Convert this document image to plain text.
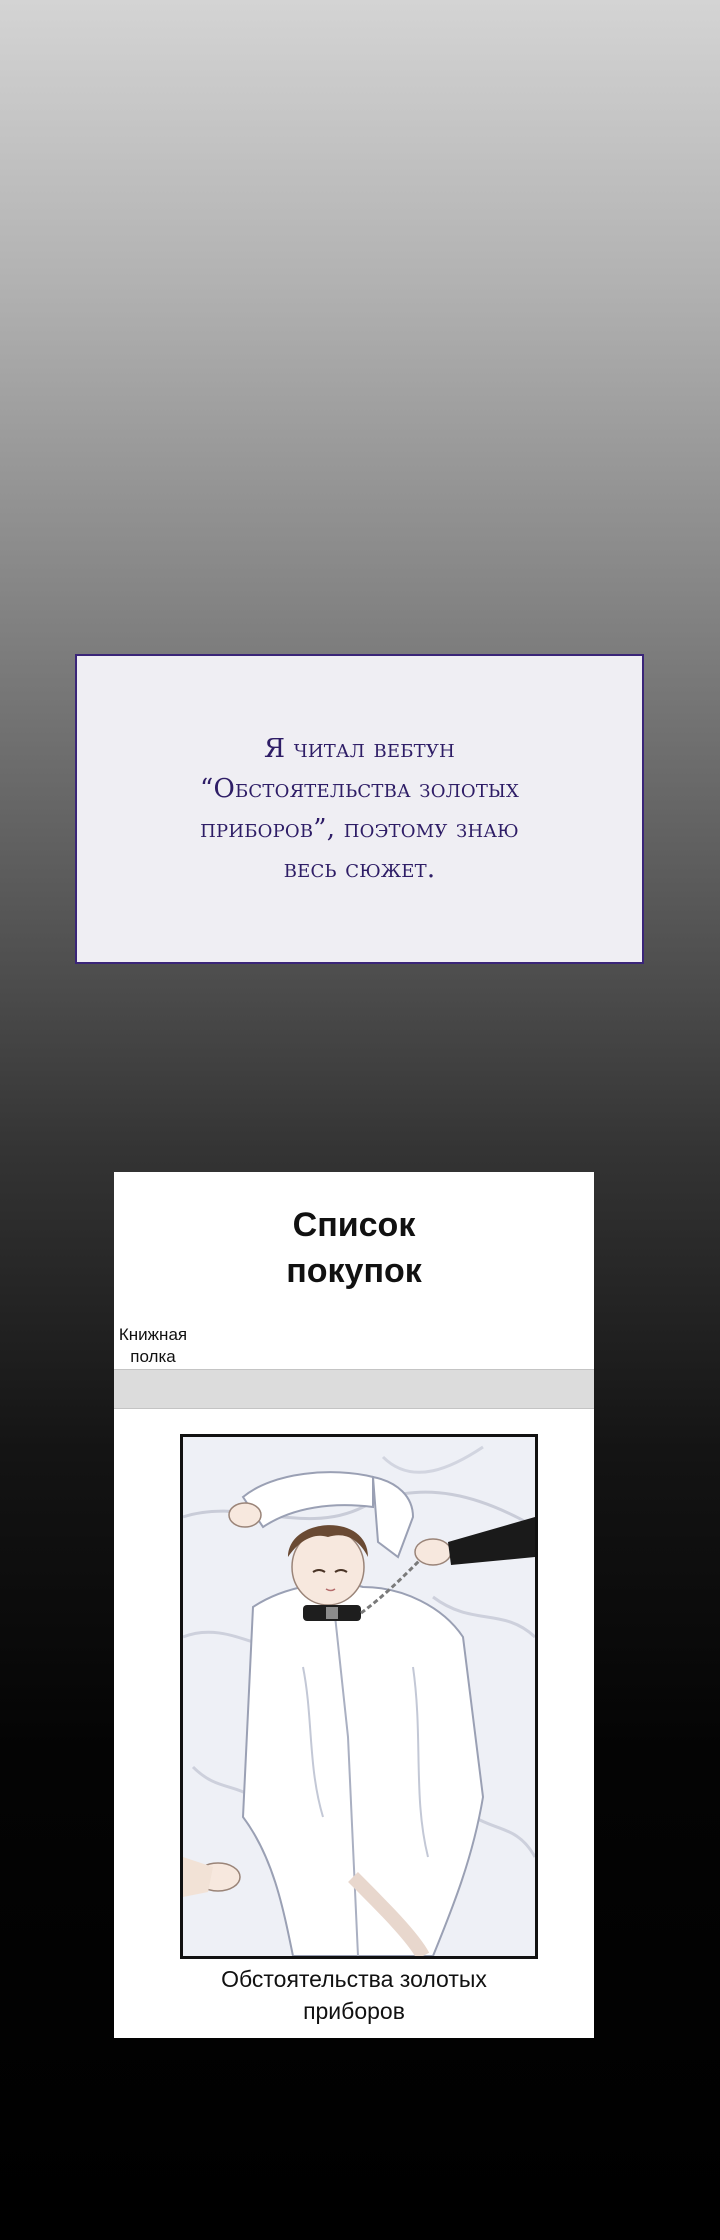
Я читал вебтун
“Обстоятельства золотых
приборов”, поэтому знаю
весь сюжет.
Список
покупок
Книжная
полка
Обстоятельства золотых
приборов
